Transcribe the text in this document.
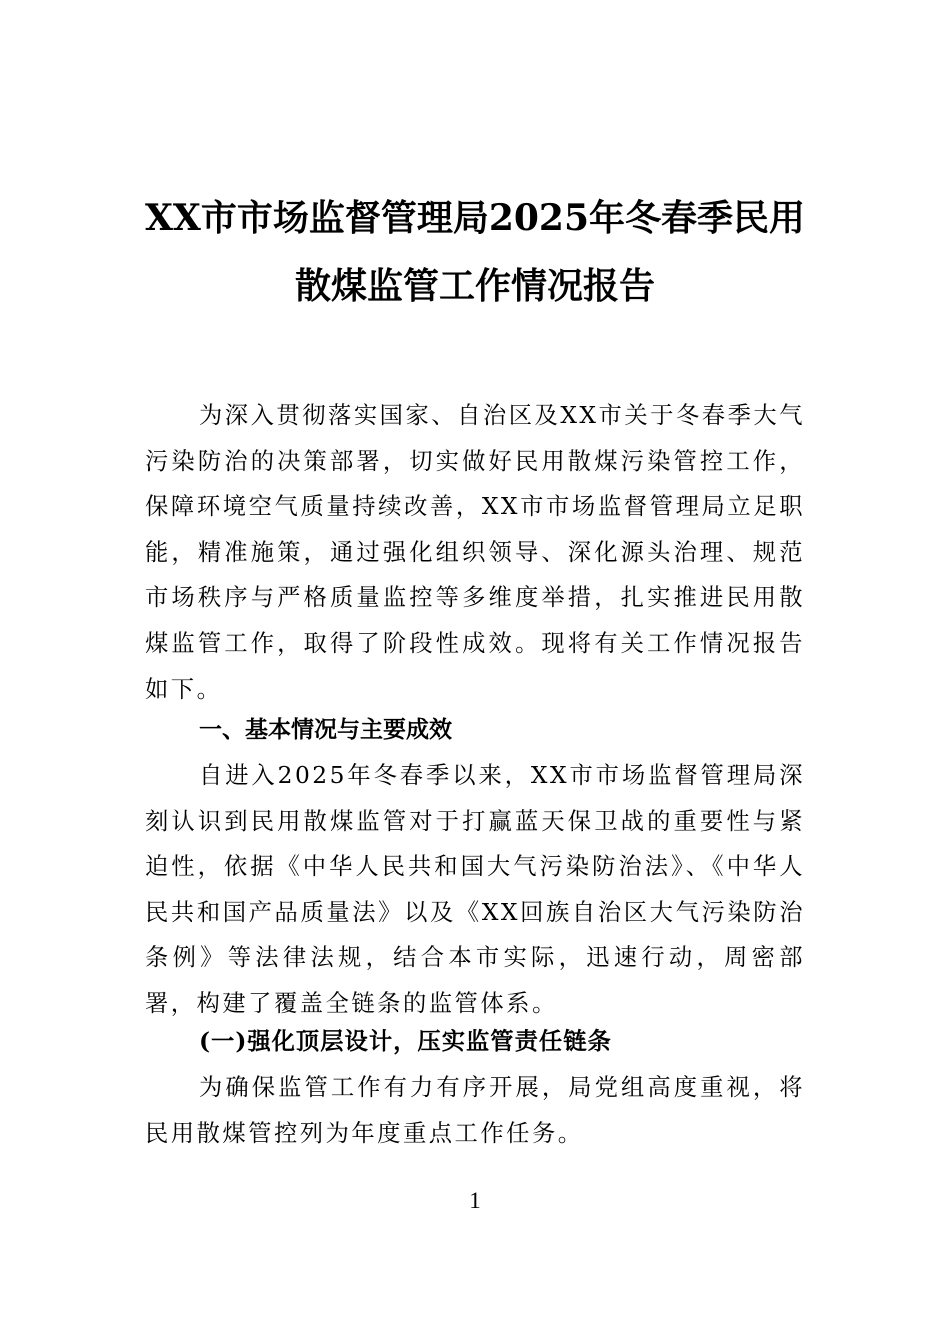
XX市市场监督管理局2025年冬春季民用
散煤监管工作情况报告

为深入贯彻落实国家、自治区及XX市关于冬春季大气污染防治的决策部署，切实做好民用散煤污染管控工作，保障环境空气质量持续改善，XX市市场监督管理局立足职能，精准施策，通过强化组织领导、深化源头治理、规范市场秩序与严格质量监控等多维度举措，扎实推进民用散煤监管工作，取得了阶段性成效。现将有关工作情况报告如下。

一、基本情况与主要成效

自进入2025年冬春季以来，XX市市场监督管理局深刻认识到民用散煤监管对于打赢蓝天保卫战的重要性与紧迫性，依据《中华人民共和国大气污染防治法》、《中华人民共和国产品质量法》以及《XX回族自治区大气污染防治条例》等法律法规，结合本市实际，迅速行动，周密部署，构建了覆盖全链条的监管体系。

(一)强化顶层设计，压实监管责任链条

为确保监管工作有力有序开展，局党组高度重视，将民用散煤管控列为年度重点工作任务。

1
